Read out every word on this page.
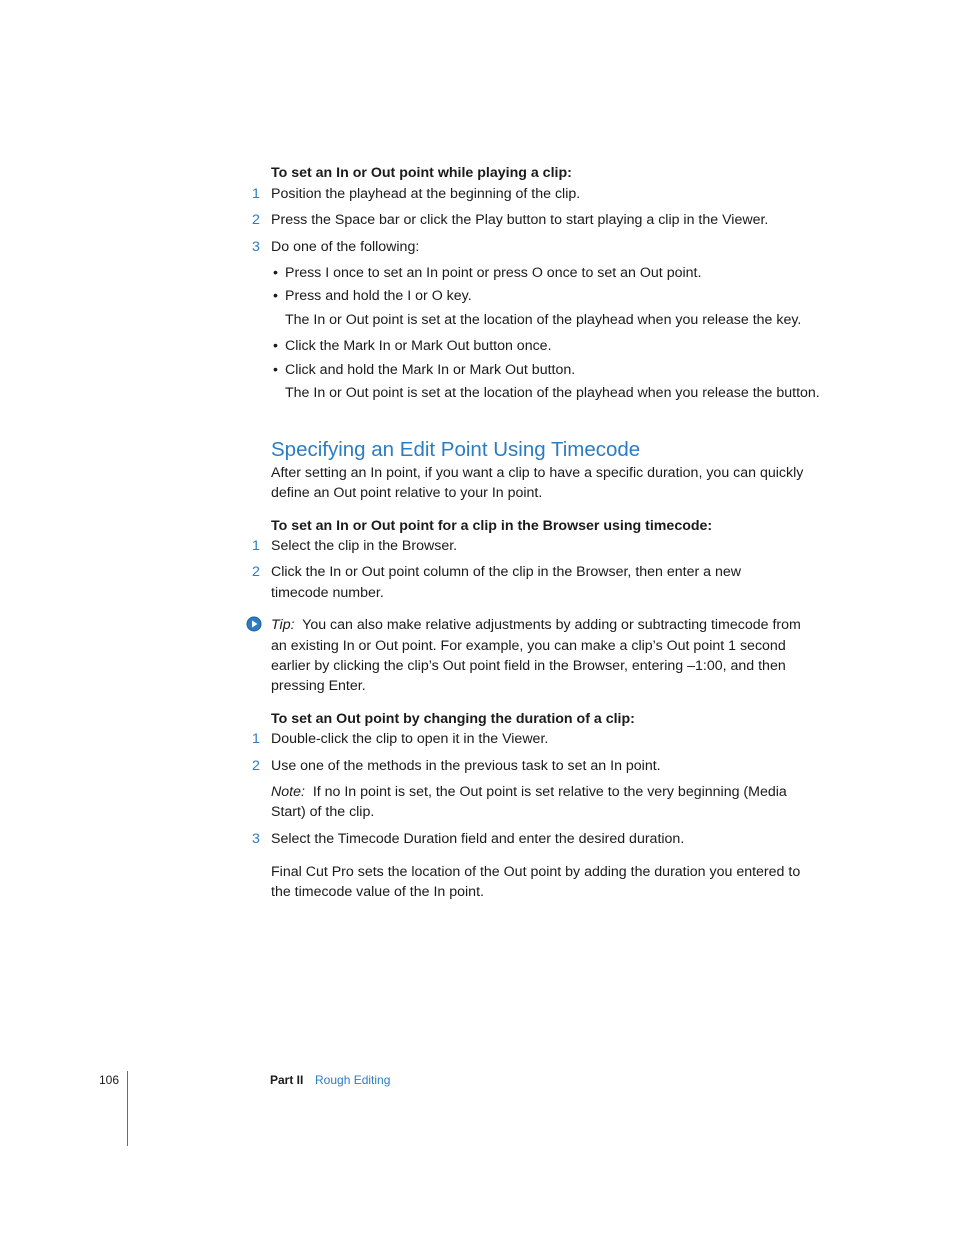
To set an In or Out point while playing a clip:
1 Position the playhead at the beginning of the clip.
2 Press the Space bar or click the Play button to start playing a clip in the Viewer.
3 Do one of the following:
• Press I once to set an In point or press O once to set an Out point.
• Press and hold the I or O key.
The In or Out point is set at the location of the playhead when you release the key.
• Click the Mark In or Mark Out button once.
• Click and hold the Mark In or Mark Out button.
The In or Out point is set at the location of the playhead when you release the button.
Specifying an Edit Point Using Timecode
After setting an In point, if you want a clip to have a specific duration, you can quickly
define an Out point relative to your In point.
To set an In or Out point for a clip in the Browser using timecode:
1 Select the clip in the Browser.
2 Click the In or Out point column of the clip in the Browser, then enter a new
timecode number.
Tip: You can also make relative adjustments by adding or subtracting timecode from
an existing In or Out point. For example, you can make a clip’s Out point 1 second
earlier by clicking the clip’s Out point field in the Browser, entering –1:00, and then
pressing Enter.
To set an Out point by changing the duration of a clip:
1 Double-click the clip to open it in the Viewer.
2 Use one of the methods in the previous task to set an In point.
Note: If no In point is set, the Out point is set relative to the very beginning (Media
Start) of the clip.
3 Select the Timecode Duration field and enter the desired duration.
Final Cut Pro sets the location of the Out point by adding the duration you entered to
the timecode value of the In point.
106	Part II Rough Editing
